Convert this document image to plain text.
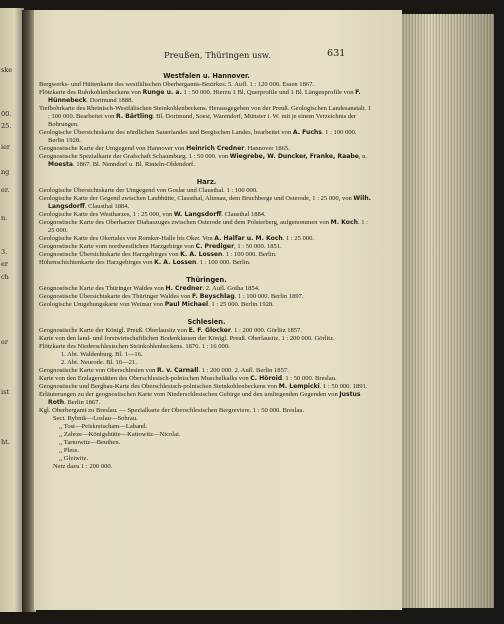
ske
00.
25.
ier
ng
er.
n.
3.
er
ch
er
ist
ht.
Preußen, Thüringen usw.	631

Westfalen u. Hannover.

Bergwerks- und Hüttenkarte des westfälischen Oberbergamts-Bezirkes. 5. Aufl. 1 : 120 000. Essen 1867.

Flötzkarte des Ruhrkohlenbeckens von Runge u. a. 1 : 50 000. Hierzu 1 Bl. Querprofile und 1 Bl. Längenprofile von F. Hünnebeck. Dortmund 1888.

Tiefbohrkarte des Rheinisch-Westfälischen Steinkohlenbeckens. Herausgegeben von der Preuß. Geologischen Landesanstalt. 1 : 100 000. Bearbeitet von R. Bärtling. Bl. Dortmund, Soest, Warendorf, Münster i. W. mit je einem Verzeichnis der Bohrungen.

Geologische Übersichtskarte des nördlichen Sauerlandes und Bergischen Landes, bearbeitet von A. Fuchs. 1 : 100 000. Berlin 1928.

Geognostische Karte der Umgegend von Hannover von Heinrich Credner. Hannover 1865.

Geognostische Spezialkarte der Grafschaft Schaumburg. 1 : 50 000. von Wiegrebe, W. Duncker, Franke, Raabe, u. Moesta. 1867. Bl. Nenndorf u. Bl. Rinteln-Oldendorf.

Harz.

Geologische Übersichtskarte der Umgegend von Goslar und Clausthal. 1 : 100 000.

Geologische Karte der Gegend zwischen Laubhütte, Clausthal, Altenau, dem Bruchberge und Osterode, 1 : 25 000, von Wilh. Langsdorff. Clausthal 1884.

Geologische Karte des Westharzes, 1 : 25 000, von W. Langsdorff. Clausthal 1884.

Geognostische Karte des Oberharzer Diabaszuges zwischen Osterode und dem Polsterberg, aufgenommen von M. Koch. 1 : 25 000.

Geologische Karte des Okertales von Romker-Halle bis Oker. Von A. Halfar u. M. Koch. 1 : 25 000.

Geognostische Karte vom nordwestlichen Harzgebirge von C. Prediger, 1 : 50 000. 1851.

Geognostische Übersichtskarte des Harzgebirges von K. A. Lossen. 1 : 100 000. Berlin.

Höhenschichtenkarte des Harzgebirges von K. A. Lossen. 1 : 100 000. Berlin.

Thüringen.

Geognostische Karte des Thüringer Waldes von H. Credner. 2. Aufl. Gotha 1854.

Geognostische Übersichtskarte des Thüringer Waldes von F. Beyschlag. 1 : 100 000. Berlin 1897.

Geologische Umgebungskarte von Weimar von Paul Michael. 1 : 25 000. Berlin 1928.

Schlesien.

Geognostische Karte der Königl. Preuß. Oberlausitz von E. F. Glocker. 1 : 200 000. Görlitz 1857.

Karte von den land- und forstwirtschaftlichen Bodenklassen der Königl. Preuß. Oberlausitz. 1 : 200 000. Görlitz.

Flötzkarte des Niederschlesischen Steinkohlenbeckens. 1876. 1 : 16 000.

1. Abt. Waldenburg. Bl. 1—16.

2. Abt. Neurode. Bl. 16—21.

Geognostische Karte von Oberschlesien von R. v. Carnall. 1 : 200 000. 2. Aufl. Berlin 1857.

Karte von den Erzlagerstätten des Oberschlesisch-polnischen Muschelkalks von C. Höroid. 1 : 50 000. Breslau.

Geognostische und Bergbau-Karte des Oberschlesisch-polnischen Steinkohlenbeckens von M. Lempicki. 1 : 50 000. 1891.

Erläuterungen zu der geognostischen Karte vom Niederschlesischen Gebirge und den umliegenden Gegenden von Justus Roth. Berlin 1867.

Kgl. Oberbergamt zu Breslau. — Spezialkarte der Oberschlesischen Bergreviere. 1 : 50 000. Breslau.

Sect. Rybnik—Loslau—Sohrau.

,, Tost—Peiskretscham—Laband.

,, Zabrze—Königshütte—Kattowitz—Nicolai.

,, Tarnowitz—Beuthen.

,, Pless.

,, Gleiwitz.

Netz dazu 1 : 200 000.
